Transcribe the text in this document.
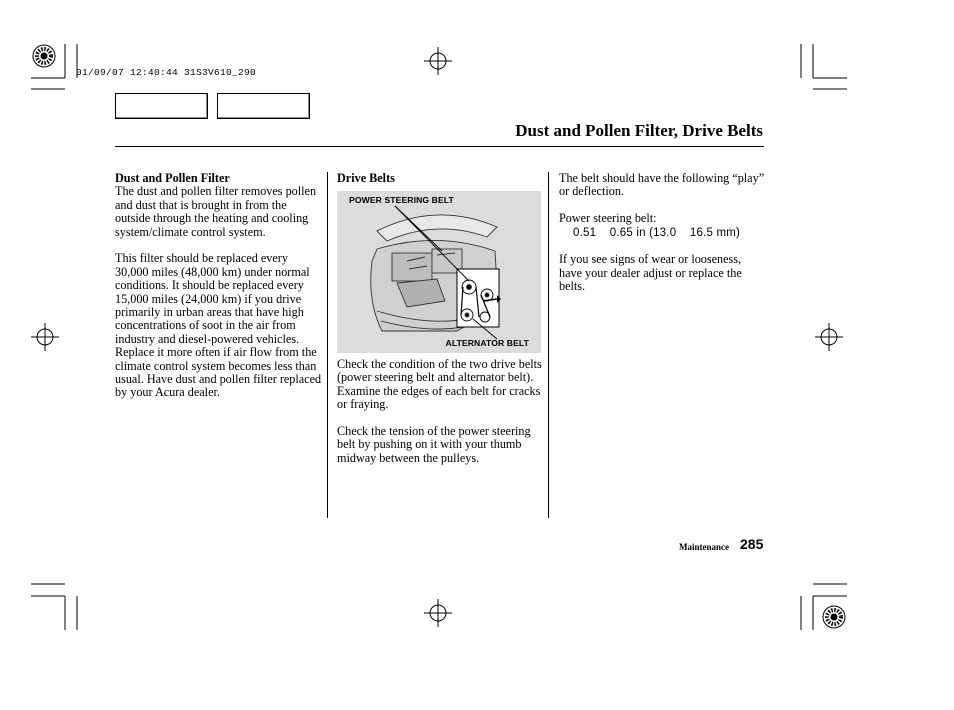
01/09/07 12:40:44 31S3V610_290
Dust and Pollen Filter, Drive Belts

Dust and Pollen Filter
The dust and pollen filter removes pollen and dust that is brought in from the outside through the heating and cooling system/climate control system.

This filter should be replaced every 30,000 miles (48,000 km) under normal conditions. It should be replaced every 15,000 miles (24,000 km) if you drive primarily in urban areas that have high concentrations of soot in the air from industry and diesel-powered vehicles. Replace it more often if air flow from the climate control system becomes less than usual. Have dust and pollen filter replaced by your Acura dealer.

Drive Belts

POWER STEERING BELT
ALTERNATOR BELT

Check the condition of the two drive belts (power steering belt and alternator belt). Examine the edges of each belt for cracks or fraying.

Check the tension of the power steering belt by pushing on it with your thumb midway between the pulleys.

The belt should have the following “play” or deflection.

Power steering belt:
0.51    0.65 in (13.0    16.5 mm)

If you see signs of wear or looseness, have your dealer adjust or replace the belts.

Maintenance 285
